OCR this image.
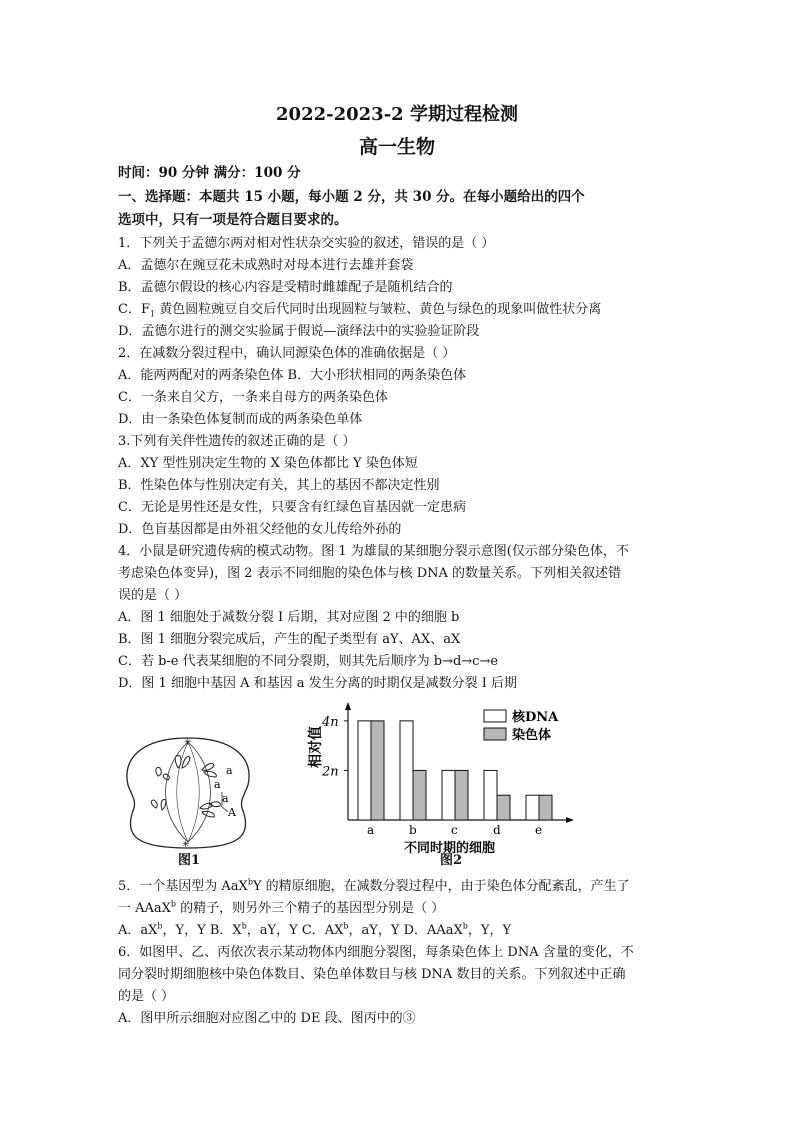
2022-2023-2 学期过程检测
高一生物
时间：90 分钟 满分：100 分
一、选择题：本题共 15 小题，每小题 2 分，共 30 分。在每小题给出的四个
选项中，只有一项是符合题目要求的。
1．下列关于孟德尔两对相对性状杂交实验的叙述，错误的是（ ）
A．孟德尔在豌豆花未成熟时对母本进行去雄并套袋
B．孟德尔假设的核心内容是受精时雌雄配子是随机结合的
C．$F_1$ 黄色圆粒豌豆自交后代同时出现圆粒与皱粒、黄色与绿色的现象叫做性状分离
D．孟德尔进行的测交实验属于假说—演绎法中的实验验证阶段
2．在减数分裂过程中，确认同源染色体的准确依据是（ ）
A．能两两配对的两条染色体 B．大小形状相同的两条染色体
C．一条来自父方，一条来自母方的两条染色体
D．由一条染色体复制而成的两条染色单体
3.下列有关伴性遗传的叙述正确的是（ ）
A．XY 型性别决定生物的 X 染色体都比 Y 染色体短
B．性染色体与性别决定有关，其上的基因不都决定性别
C．无论是男性还是女性，只要含有红绿色盲基因就一定患病
D．色盲基因都是由外祖父经他的女儿传给外孙的
4．小鼠是研究遗传病的模式动物。图 1 为雄鼠的某细胞分裂示意图(仅示部分染色体，不
考虑染色体变异)，图 2 表示不同细胞的染色体与核 DNA 的数量关系。下列相关叙述错
误的是（ ）
A．图 1 细胞处于减数分裂 I 后期，其对应图 2 中的细胞 b
B．图 1 细胞分裂完成后，产生的配子类型有 aY、AX、aX
C．若 b-e 代表某细胞的不同分裂期，则其先后顺序为 b→d→c→e
D．图 1 细胞中基因 A 和基因 a 发生分离的时期仅是减数分裂 I 后期
✳
✳
a
a
a
A
图1
相对值
不同时期的细胞
a	b	c	d	e
4n
2n
核DNA
染色体
图2
5．一个基因型为 AaX$^b$Y 的精原细胞，在减数分裂过程中，由于染色体分配紊乱，产生了
一 AAaX$^b$ 的精子，则另外三个精子的基因型分别是（ ）
A．$aX^b$，Y，Y B．$X^b$，aY，Y C．$AX^b$，aY，Y D．AAaX$^b$，Y，Y
6．如图甲、乙、丙依次表示某动物体内细胞分裂图，每条染色体上 DNA 含量的变化，不
同分裂时期细胞核中染色体数目、染色单体数目与核 DNA 数目的关系。下列叙述中正确
的是（ ）
A．图甲所示细胞对应图乙中的 DE 段、图丙中的③
